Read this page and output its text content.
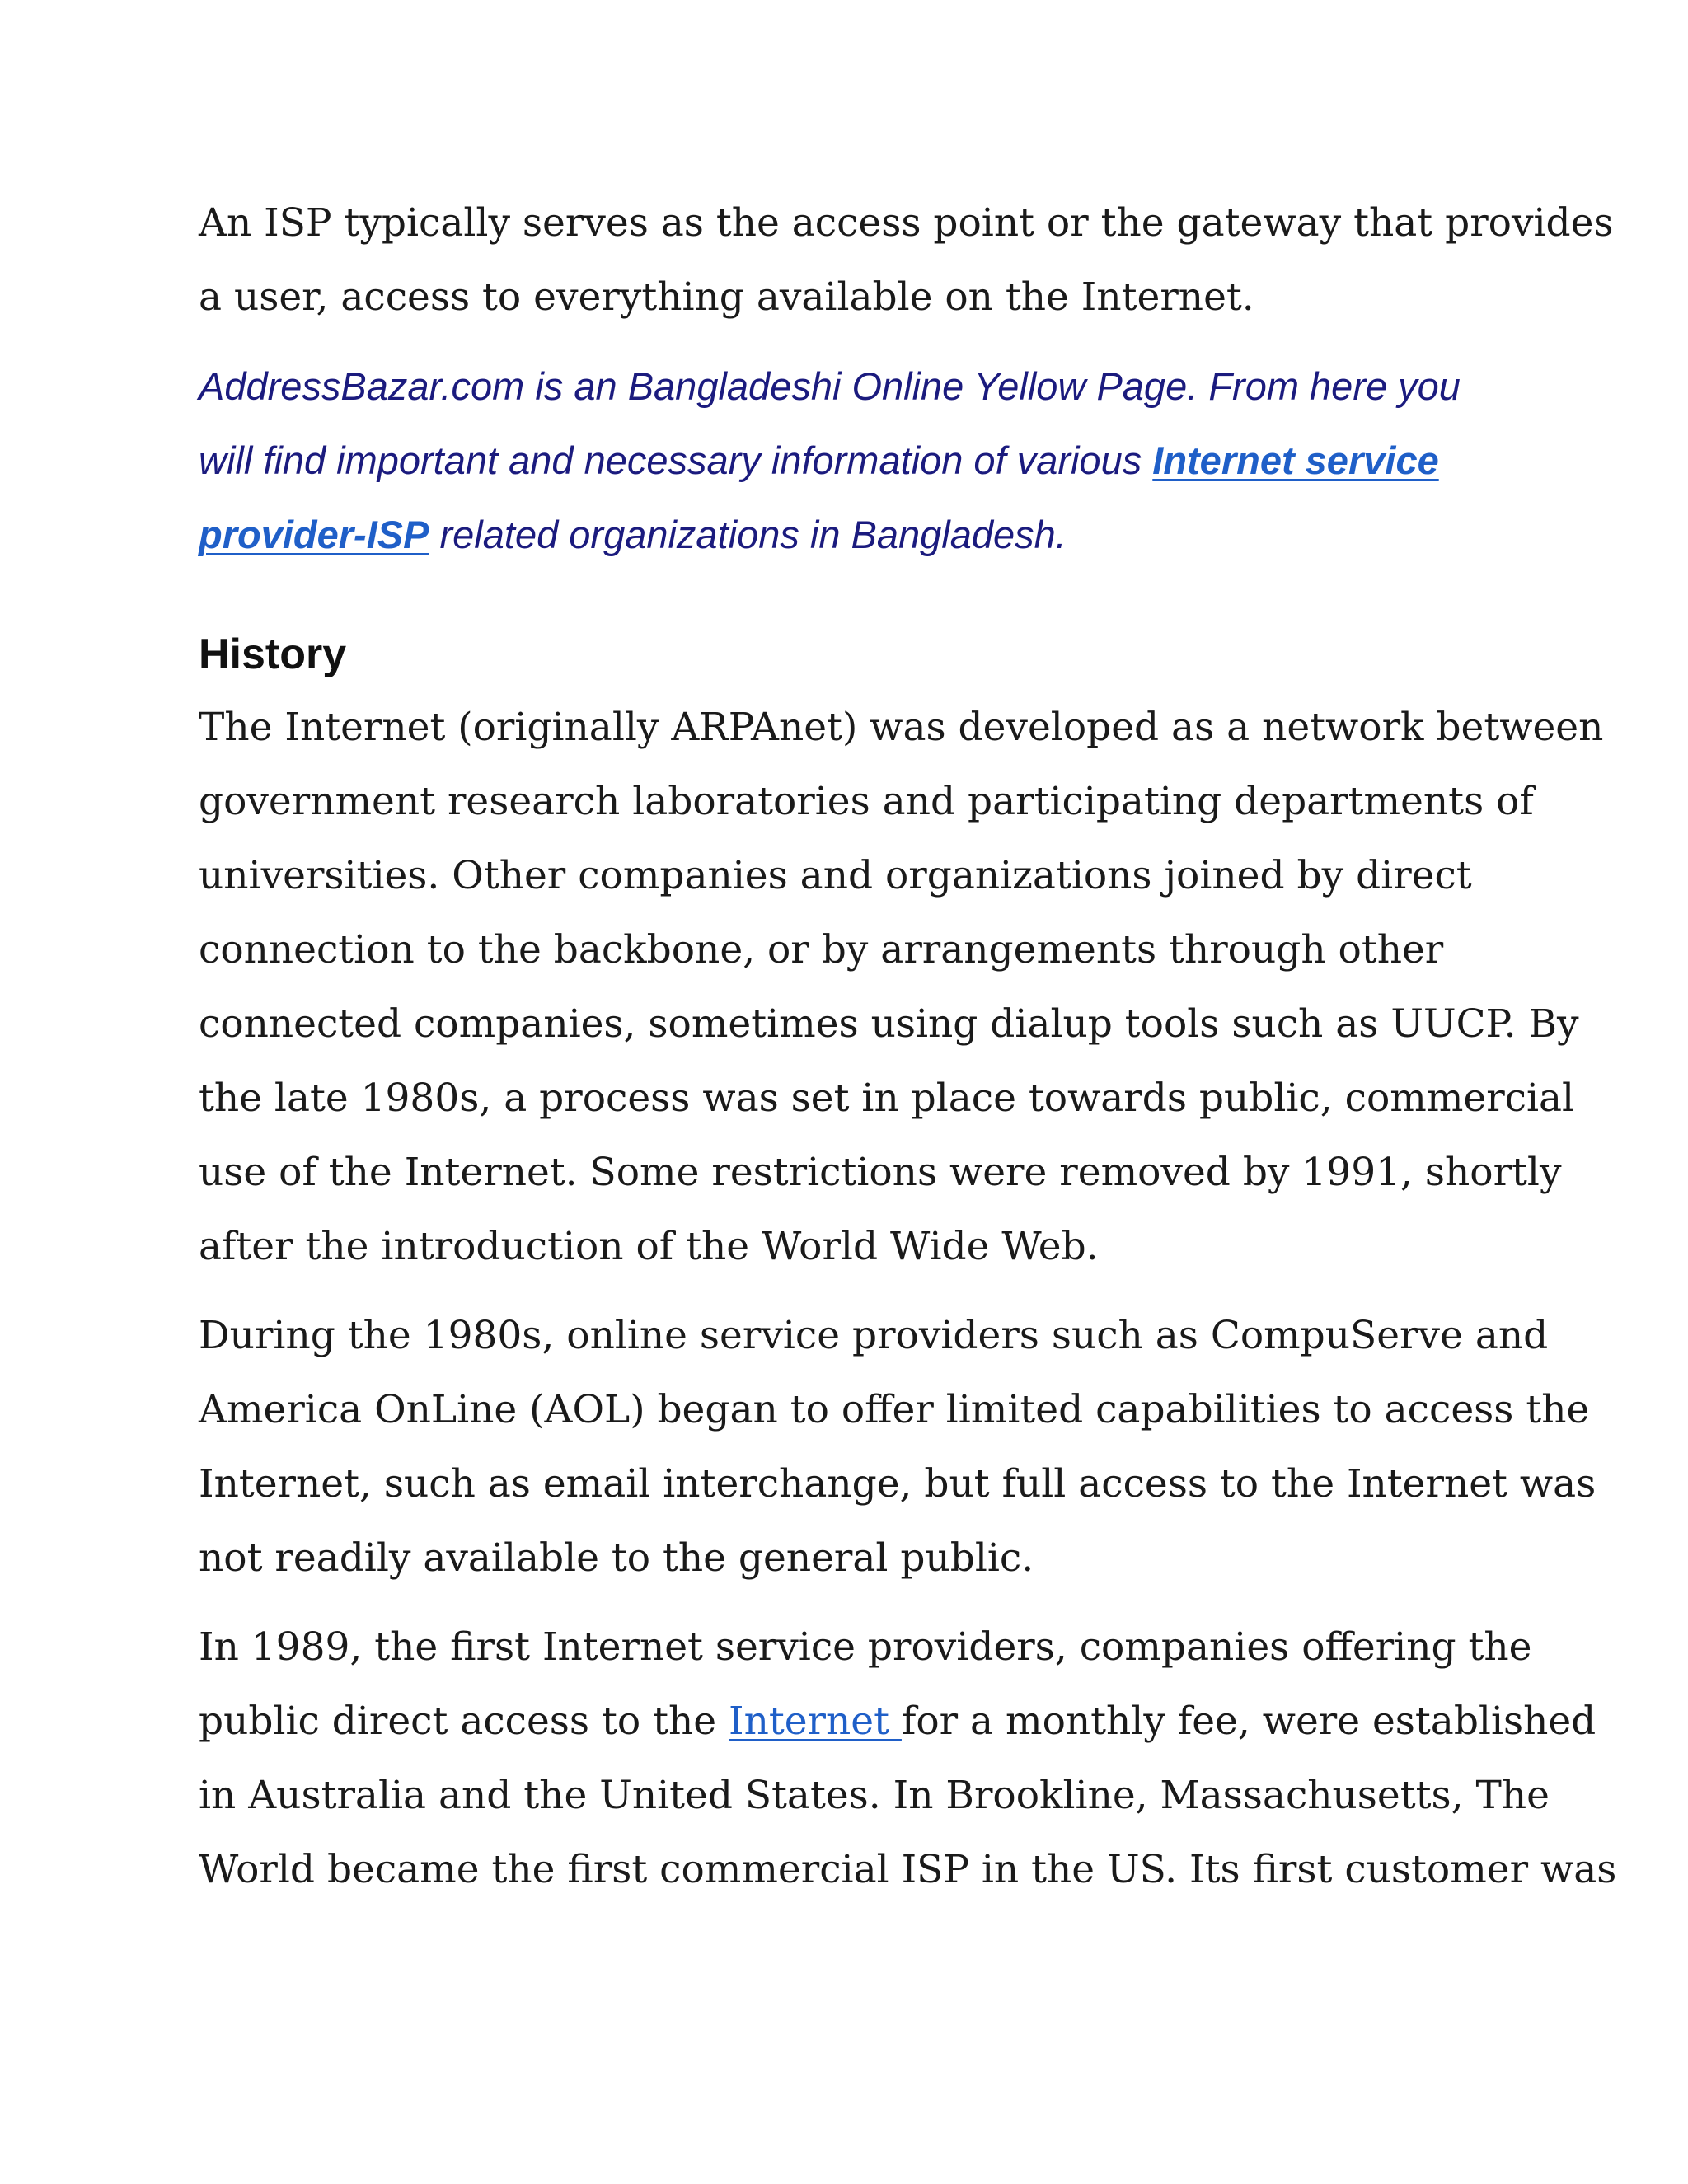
An ISP typically serves as the access point or the gateway that provides
a user, access to everything available on the Internet.
AddressBazar.com is an Bangladeshi Online Yellow Page. From here you
will find important and necessary information of various Internet service
provider-ISP related organizations in Bangladesh.
History
The Internet (originally ARPAnet) was developed as a network between
government research laboratories and participating departments of
universities. Other companies and organizations joined by direct
connection to the backbone, or by arrangements through other
connected companies, sometimes using dialup tools such as UUCP. By
the late 1980s, a process was set in place towards public, commercial
use of the Internet. Some restrictions were removed by 1991, shortly
after the introduction of the World Wide Web.
During the 1980s, online service providers such as CompuServe and
America OnLine (AOL) began to offer limited capabilities to access the
Internet, such as email interchange, but full access to the Internet was
not readily available to the general public.
In 1989, the first Internet service providers, companies offering the
public direct access to the Internet for a monthly fee, were established
in Australia and the United States. In Brookline, Massachusetts, The
World became the first commercial ISP in the US. Its first customer was
